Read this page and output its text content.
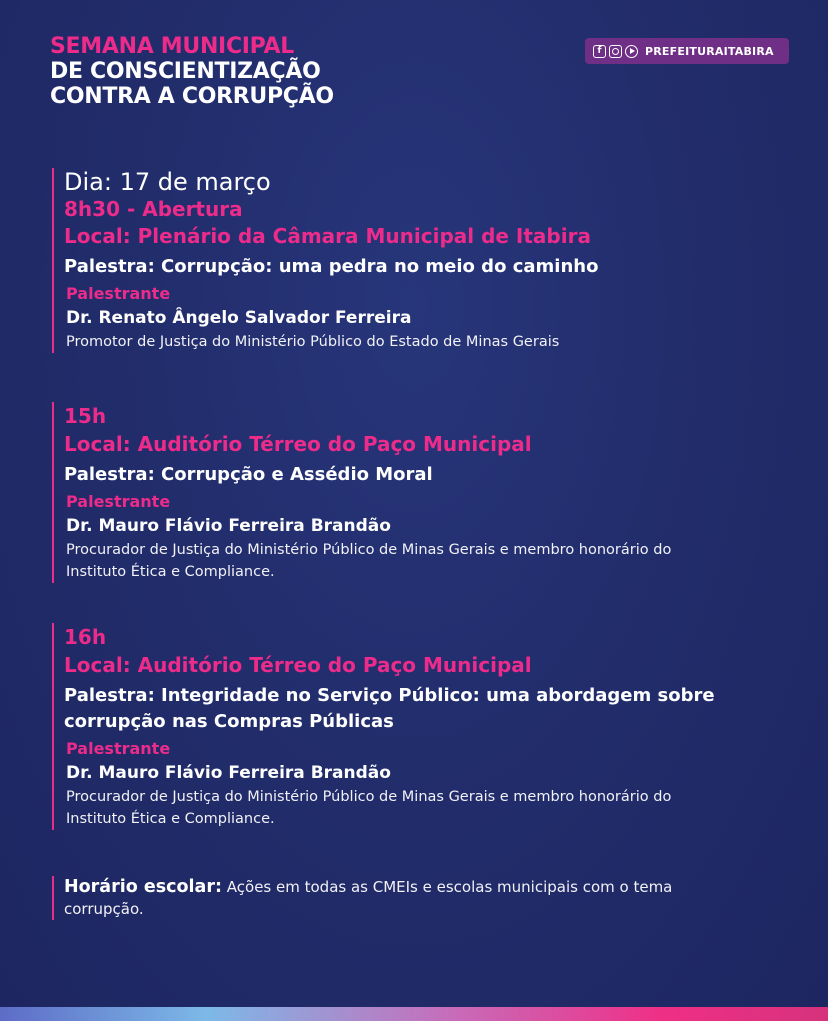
SEMANA MUNICIPAL
DE CONSCIENTIZAÇÃO
CONTRA A CORRUPÇÃO
f	PREFEITURAITABIRA
Dia: 17 de março
8h30 - Abertura
Local: Plenário da Câmara Municipal de Itabira
Palestra: Corrupção: uma pedra no meio do caminho
Palestrante
Dr. Renato Ângelo Salvador Ferreira
Promotor de Justiça do Ministério Público do Estado de Minas Gerais
15h
Local: Auditório Térreo do Paço Municipal
Palestra: Corrupção e Assédio Moral
Palestrante
Dr. Mauro Flávio Ferreira Brandão
Procurador de Justiça do Ministério Público de Minas Gerais e membro honorário do Instituto Ética e Compliance.
16h
Local: Auditório Térreo do Paço Municipal
Palestra: Integridade no Serviço Público: uma abordagem sobre corrupção nas Compras Públicas
Palestrante
Dr. Mauro Flávio Ferreira Brandão
Procurador de Justiça do Ministério Público de Minas Gerais e membro honorário do Instituto Ética e Compliance.
Horário escolar: Ações em todas as CMEIs e escolas municipais com o tema corrupção.
